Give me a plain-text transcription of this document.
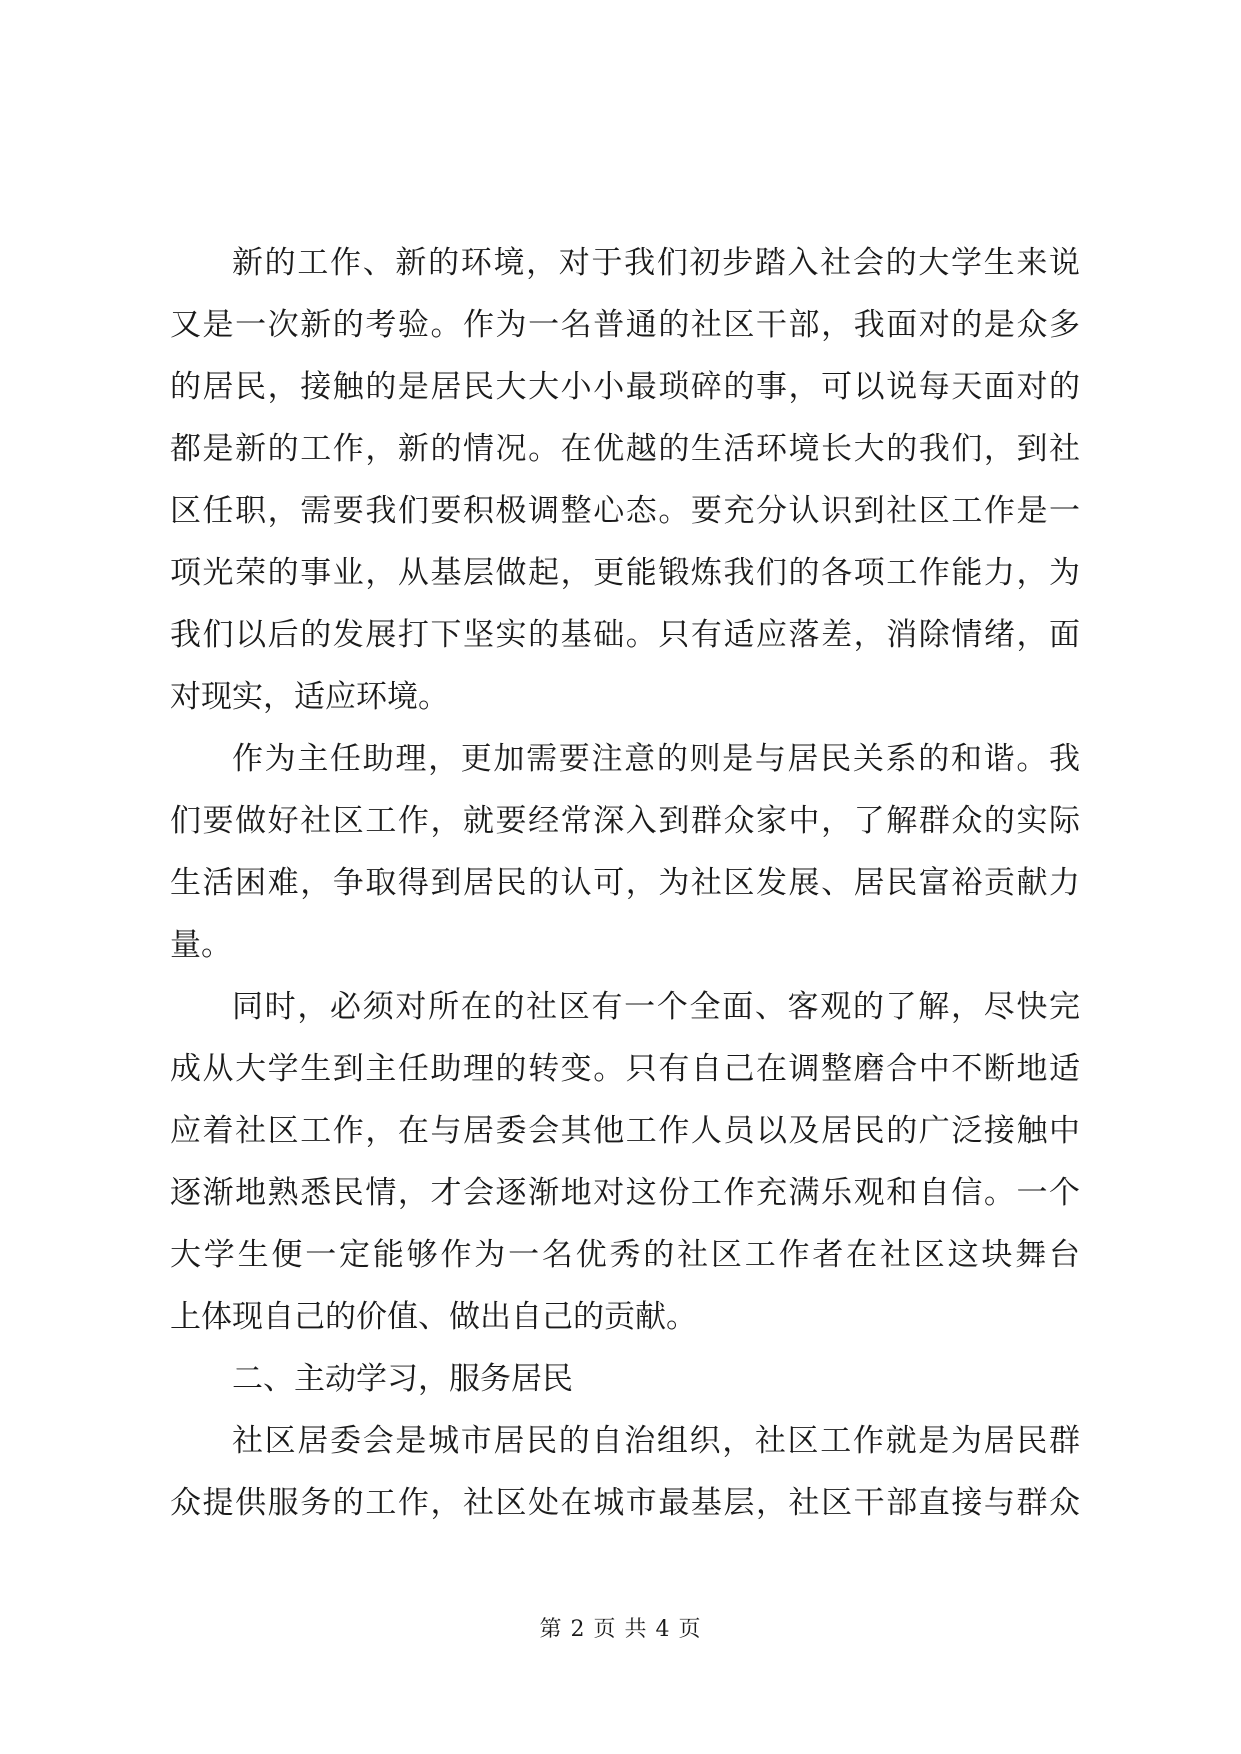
新的工作、新的环境，对于我们初步踏入社会的大学生来说
又是一次新的考验。作为一名普通的社区干部，我面对的是众多
的居民，接触的是居民大大小小最琐碎的事，可以说每天面对的
都是新的工作，新的情况。在优越的生活环境长大的我们，到社
区任职，需要我们要积极调整心态。要充分认识到社区工作是一
项光荣的事业，从基层做起，更能锻炼我们的各项工作能力，为
我们以后的发展打下坚实的基础。只有适应落差，消除情绪，面
对现实，适应环境。
作为主任助理，更加需要注意的则是与居民关系的和谐。我
们要做好社区工作，就要经常深入到群众家中，了解群众的实际
生活困难，争取得到居民的认可，为社区发展、居民富裕贡献力
量。
同时，必须对所在的社区有一个全面、客观的了解，尽快完
成从大学生到主任助理的转变。只有自己在调整磨合中不断地适
应着社区工作，在与居委会其他工作人员以及居民的广泛接触中
逐渐地熟悉民情，才会逐渐地对这份工作充满乐观和自信。一个
大学生便一定能够作为一名优秀的社区工作者在社区这块舞台
上体现自己的价值、做出自己的贡献。
二、主动学习，服务居民
社区居委会是城市居民的自治组织，社区工作就是为居民群
众提供服务的工作，社区处在城市最基层，社区干部直接与群众
第 2 页 共 4 页
